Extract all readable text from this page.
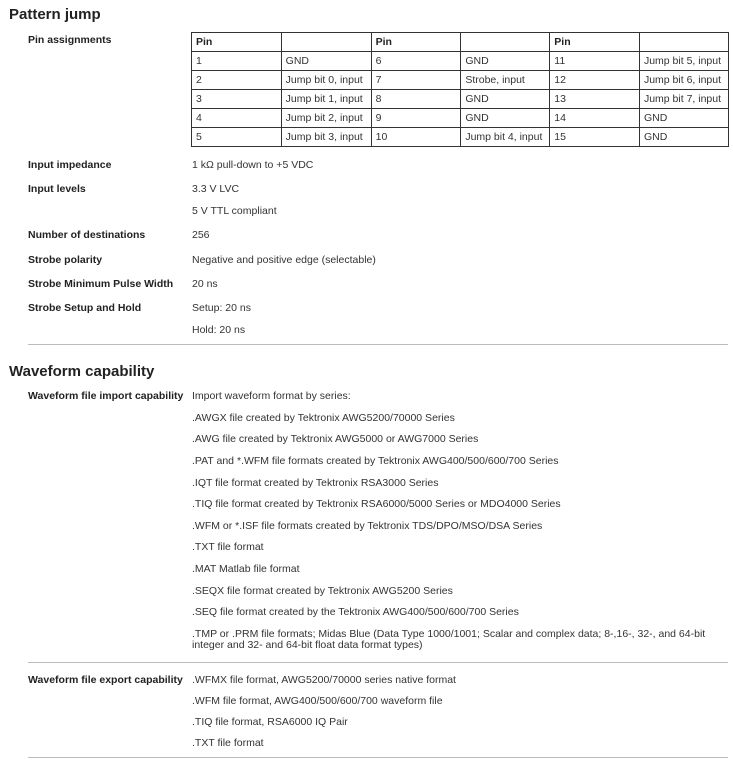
Pattern jump
Pin assignments	Pin		Pin		Pin	
1	GND	6	GND	11	Jump bit 5, input
2	Jump bit 0, input	7	Strobe, input	12	Jump bit 6, input
3	Jump bit 1, input	8	GND	13	Jump bit 7, input
4	Jump bit 2, input	9	GND	14	GND
5	Jump bit 3, input	10	Jump bit 4, input	15	GND
Input impedance	1 kΩ pull-down to +5 VDC
Input levels	3.3 V LVC
5 V TTL compliant
Number of destinations	256
Strobe polarity	Negative and positive edge (selectable)
Strobe Minimum Pulse Width 20 ns
Strobe Setup and Hold	Setup: 20 ns
Hold: 20 ns
Waveform capability
Waveform file import capability Import waveform format by series:
.AWGX file created by Tektronix AWG5200/70000 Series
.AWG file created by Tektronix AWG5000 or AWG7000 Series
.PAT and *.WFM file formats created by Tektronix AWG400/500/600/700 Series
.IQT file format created by Tektronix RSA3000 Series
.TIQ file format created by Tektronix RSA6000/5000 Series or MDO4000 Series
.WFM or *.ISF file formats created by Tektronix TDS/DPO/MSO/DSA Series
.TXT file format
.MAT Matlab file format
.SEQX file format created by Tektronix AWG5200 Series
.SEQ file format created by the Tektronix AWG400/500/600/700 Series
.TMP or .PRM file formats; Midas Blue (Data Type 1000/1001; Scalar and complex data; 8-,16-, 32-, and 64-bit integer and 32- and 64-bit float data format types)
Waveform file export capability .WFMX file format, AWG5200/70000 series native format
.WFM file format, AWG400/500/600/700 waveform file
.TIQ file format, RSA6000 IQ Pair
.TXT file format
